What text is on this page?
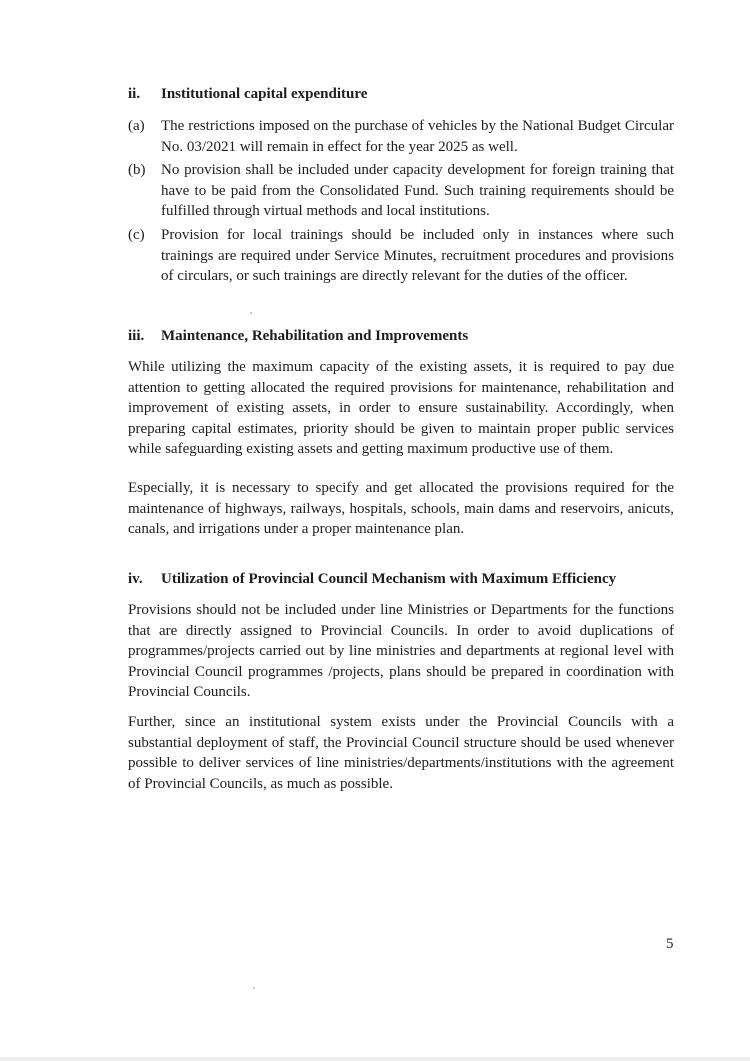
ii. Institutional capital expenditure
(a) The restrictions imposed on the purchase of vehicles by the National Budget Circular No. 03/2021 will remain in effect for the year 2025 as well.
(b) No provision shall be included under capacity development for foreign training that have to be paid from the Consolidated Fund. Such training requirements should be fulfilled through virtual methods and local institutions.
(c) Provision for local trainings should be included only in instances where such trainings are required under Service Minutes, recruitment procedures and provisions of circulars, or such trainings are directly relevant for the duties of the officer.
iii. Maintenance, Rehabilitation and Improvements
While utilizing the maximum capacity of the existing assets, it is required to pay due attention to getting allocated the required provisions for maintenance, rehabilitation and improvement of existing assets, in order to ensure sustainability. Accordingly, when preparing capital estimates, priority should be given to maintain proper public services while safeguarding existing assets and getting maximum productive use of them.
Especially, it is necessary to specify and get allocated the provisions required for the maintenance of highways, railways, hospitals, schools, main dams and reservoirs, anicuts, canals, and irrigations under a proper maintenance plan.
iv. Utilization of Provincial Council Mechanism with Maximum Efficiency
Provisions should not be included under line Ministries or Departments for the functions that are directly assigned to Provincial Councils. In order to avoid duplications of programmes/projects carried out by line ministries and departments at regional level with Provincial Council programmes /projects, plans should be prepared in coordination with Provincial Councils.
Further, since an institutional system exists under the Provincial Councils with a substantial deployment of staff, the Provincial Council structure should be used whenever possible to deliver services of line ministries/departments/institutions with the agreement of Provincial Councils, as much as possible.
5
